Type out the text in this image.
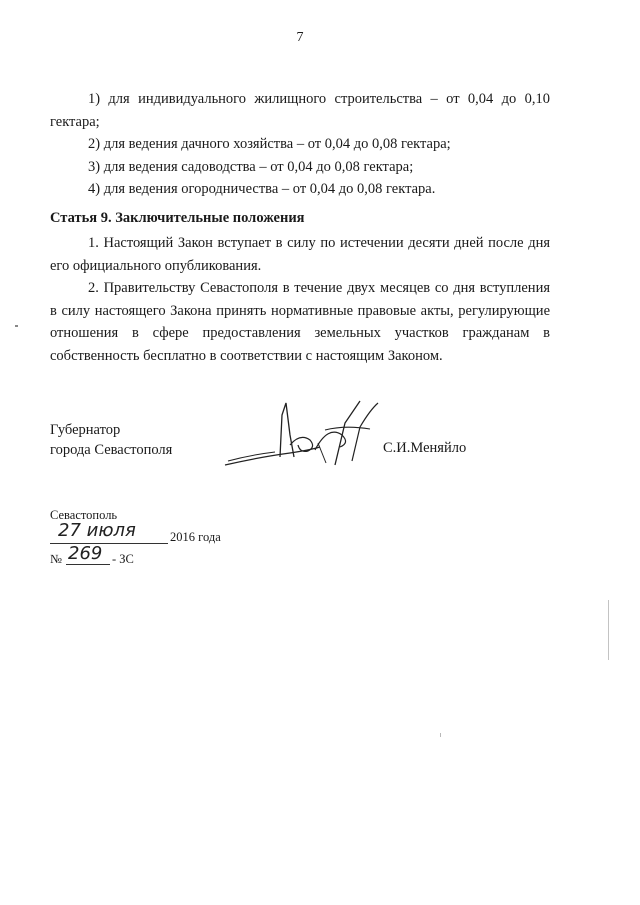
7
1) для индивидуального жилищного строительства – от 0,04 до 0,10 гектара;
2) для ведения дачного хозяйства – от 0,04 до 0,08 гектара;
3) для ведения садоводства – от 0,04 до 0,08 гектара;
4) для ведения огородничества – от 0,04 до 0,08 гектара.
Статья 9. Заключительные положения
1. Настоящий Закон вступает в силу по истечении десяти дней после дня его официального опубликования.
2. Правительству Севастополя в течение двух месяцев со дня вступления в силу настоящего Закона принять нормативные правовые акты, регулирующие отношения в сфере предоставления земельных участков гражданам в собственность бесплатно в соответствии с настоящим Законом.
Губернатор
города Севастополя	С.И.Меняйло
Севастополь
27 июля	2016 года
№ 269 - ЗС
